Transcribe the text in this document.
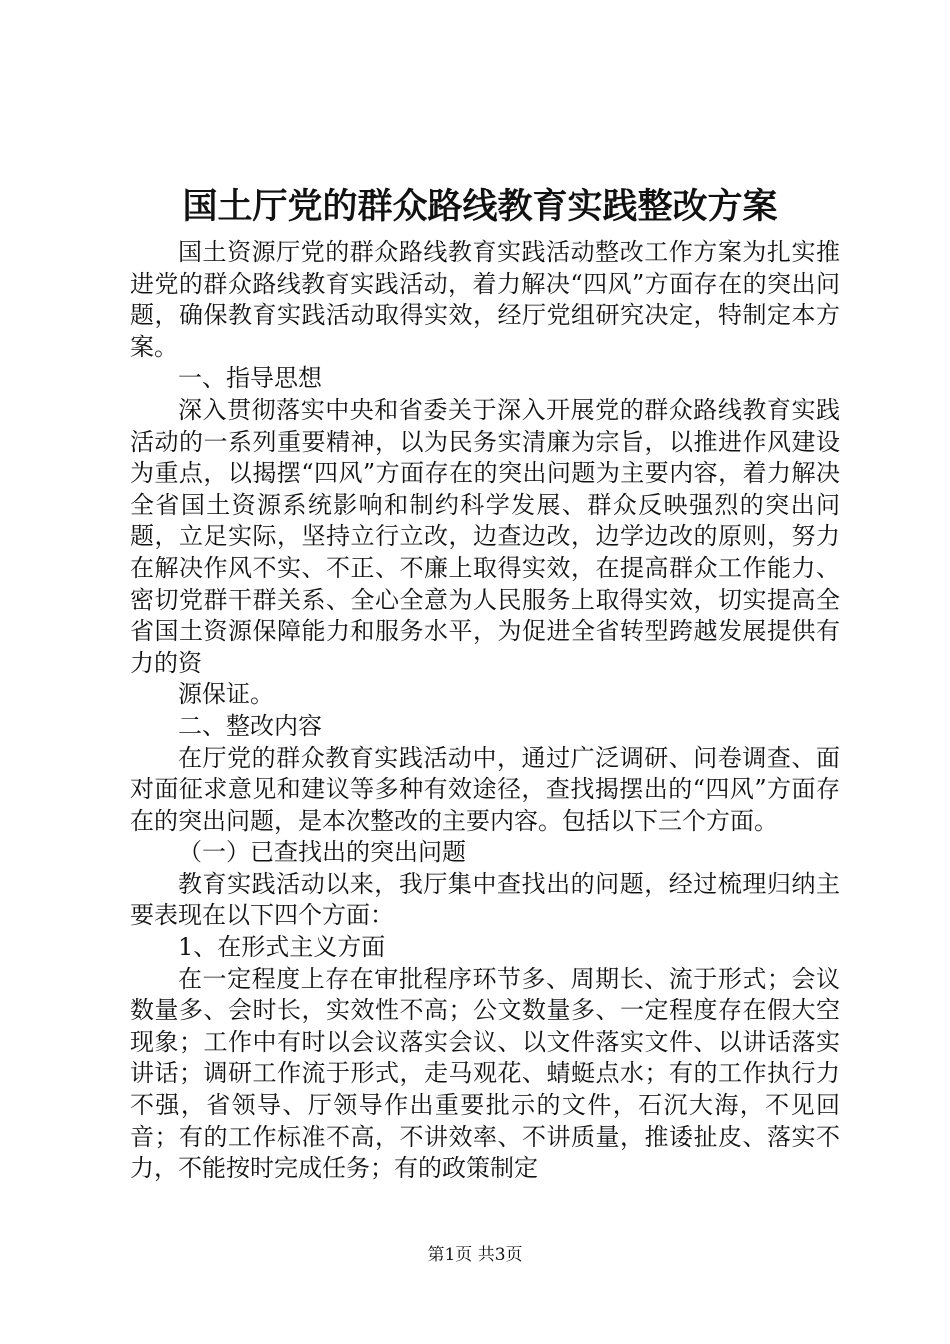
国土厅党的群众路线教育实践整改方案

国土资源厅党的群众路线教育实践活动整改工作方案为扎实推进党的群众路线教育实践活动，着力解决“四风”方面存在的突出问题，确保教育实践活动取得实效，经厅党组研究决定，特制定本方案。

一、指导思想

深入贯彻落实中央和省委关于深入开展党的群众路线教育实践活动的一系列重要精神，以为民务实清廉为宗旨，以推进作风建设为重点，以揭摆“四风”方面存在的突出问题为主要内容，着力解决全省国土资源系统影响和制约科学发展、群众反映强烈的突出问题，立足实际，坚持立行立改，边查边改，边学边改的原则，努力在解决作风不实、不正、不廉上取得实效，在提高群众工作能力、密切党群干群关系、全心全意为人民服务上取得实效，切实提高全省国土资源保障能力和服务水平，为促进全省转型跨越发展提供有力的资

源保证。

二、整改内容

在厅党的群众教育实践活动中，通过广泛调研、问卷调查、面对面征求意见和建议等多种有效途径，查找揭摆出的“四风”方面存在的突出问题，是本次整改的主要内容。包括以下三个方面。

（一）已查找出的突出问题

教育实践活动以来，我厅集中查找出的问题，经过梳理归纳主要表现在以下四个方面：

1、在形式主义方面

在一定程度上存在审批程序环节多、周期长、流于形式；会议数量多、会时长，实效性不高；公文数量多、一定程度存在假大空现象；工作中有时以会议落实会议、以文件落实文件、以讲话落实讲话；调研工作流于形式，走马观花、蜻蜓点水；有的工作执行力不强，省领导、厅领导作出重要批示的文件，石沉大海，不见回音；有的工作标准不高，不讲效率、不讲质量，推诿扯皮、落实不力，不能按时完成任务；有的政策制定

第1页 共3页
